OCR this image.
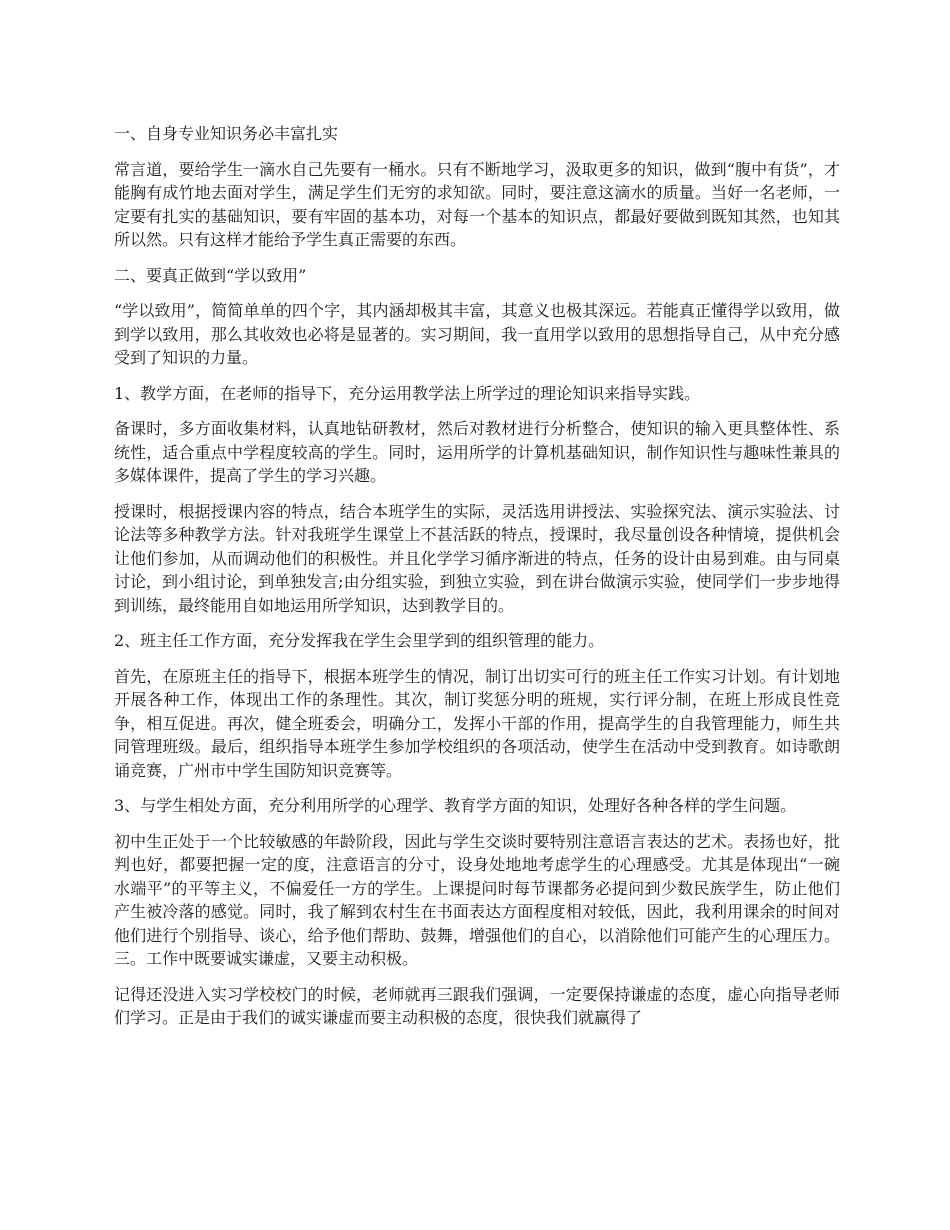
一、自身专业知识务必丰富扎实

常言道，要给学生一滴水自己先要有一桶水。只有不断地学习，汲取更多的知识，做到“腹中有货”，才能胸有成竹地去面对学生，满足学生们无穷的求知欲。同时，要注意这滴水的质量。当好一名老师，一定要有扎实的基础知识，要有牢固的基本功，对每一个基本的知识点，都最好要做到既知其然，也知其所以然。只有这样才能给予学生真正需要的东西。

二、要真正做到“学以致用”

“学以致用”，简简单单的四个字，其内涵却极其丰富，其意义也极其深远。若能真正懂得学以致用，做到学以致用，那么其收效也必将是显著的。实习期间，我一直用学以致用的思想指导自己，从中充分感受到了知识的力量。

1、教学方面，在老师的指导下，充分运用教学法上所学过的理论知识来指导实践。

备课时，多方面收集材料，认真地钻研教材，然后对教材进行分析整合，使知识的输入更具整体性、系统性，适合重点中学程度较高的学生。同时，运用所学的计算机基础知识，制作知识性与趣味性兼具的多媒体课件，提高了学生的学习兴趣。

授课时，根据授课内容的特点，结合本班学生的实际，灵活选用讲授法、实验探究法、演示实验法、讨论法等多种教学方法。针对我班学生课堂上不甚活跃的特点，授课时，我尽量创设各种情境，提供机会让他们参加，从而调动他们的积极性。并且化学学习循序渐进的特点，任务的设计由易到难。由与同桌讨论，到小组讨论，到单独发言;由分组实验，到独立实验，到在讲台做演示实验，使同学们一步步地得到训练，最终能用自如地运用所学知识，达到教学目的。

2、班主任工作方面，充分发挥我在学生会里学到的组织管理的能力。

首先，在原班主任的指导下，根据本班学生的情况，制订出切实可行的班主任工作实习计划。有计划地开展各种工作，体现出工作的条理性。其次，制订奖惩分明的班规，实行评分制，在班上形成良性竞争，相互促进。再次，健全班委会，明确分工，发挥小干部的作用，提高学生的自我管理能力，师生共同管理班级。最后，组织指导本班学生参加学校组织的各项活动，使学生在活动中受到教育。如诗歌朗诵竞赛，广州市中学生国防知识竞赛等。

3、与学生相处方面，充分利用所学的心理学、教育学方面的知识，处理好各种各样的学生问题。

初中生正处于一个比较敏感的年龄阶段，因此与学生交谈时要特别注意语言表达的艺术。表扬也好，批判也好，都要把握一定的度，注意语言的分寸，设身处地地考虑学生的心理感受。尤其是体现出“一碗水端平”的平等主义，不偏爱任一方的学生。上课提问时每节课都务必提问到少数民族学生，防止他们产生被冷落的感觉。同时，我了解到农村生在书面表达方面程度相对较低，因此，我利用课余的时间对他们进行个别指导、谈心，给予他们帮助、鼓舞，增强他们的自心，以消除他们可能产生的心理压力。三。工作中既要诚实谦虚，又要主动积极。

记得还没进入实习学校校门的时候，老师就再三跟我们强调，一定要保持谦虚的态度，虚心向指导老师们学习。正是由于我们的诚实谦虚而要主动积极的态度，很快我们就赢得了
